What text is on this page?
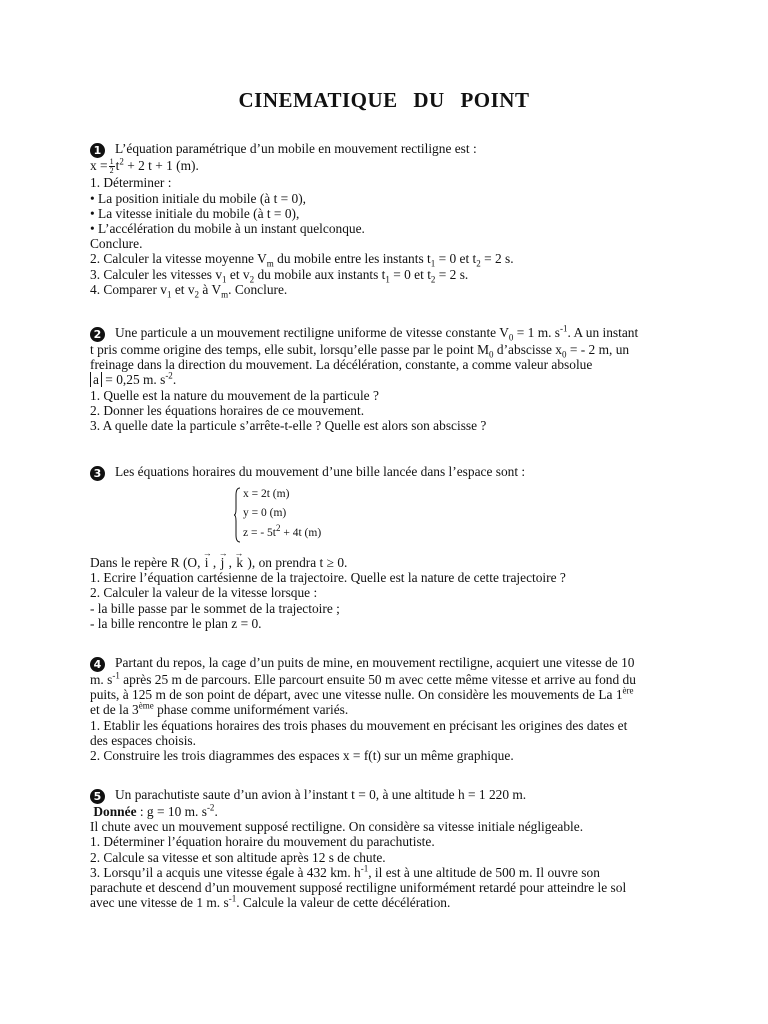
CINEMATIQUE DU POINT
1 L’équation paramétrique d’un mobile en mouvement rectiligne est :
$x = \frac{1}{2} t^2 + 2$ t + 1 (m).
1. Déterminer :
• La position initiale du mobile (à t = 0),
• La vitesse initiale du mobile (à t = 0),
• L’accélération du mobile à un instant quelconque.
Conclure.
2. Calculer la vitesse moyenne $V_m$ du mobile entre les instants $t_1 = 0$ et $t_2 = 2$ s.
3. Calculer les vitesses $v_1$ et $v_2$ du mobile aux instants $t_1 = 0$ et $t_2 = 2$ s.
4. Comparer $v_1$ et $v_2$ à $V_m$. Conclure.
2 Une particule a un mouvement rectiligne uniforme de vitesse constante $V_0 = 1$ m. $s^{-1}$. A un instant
t pris comme origine des temps, elle subit, lorsqu’elle passe par le point $M_0$ d’abscisse $x_0$ = - 2 m, un
freinage dans la direction du mouvement. La décélération, constante, a comme valeur absolue
a = 0,25 m. $s^{-2}$.
1. Quelle est la nature du mouvement de la particule ?
2. Donner les équations horaires de ce mouvement.
3. A quelle date la particule s’arrête-t-elle ? Quelle est alors son abscisse ?
3 Les équations horaires du mouvement d’une bille lancée dans l’espace sont :
x = 2t (m)
y = 0 (m)
z = - $5t^2 + 4t$ (m)
Dans le repère R (O, → i , → j , → k ), on prendra t ≥ 0.
1. Ecrire l’équation cartésienne de la trajectoire. Quelle est la nature de cette trajectoire ?
2. Calculer la valeur de la vitesse lorsque :
- la bille passe par le sommet de la trajectoire ;
- la bille rencontre le plan z = 0.
4 Partant du repos, la cage d’un puits de mine, en mouvement rectiligne, acquiert une vitesse de 10
m. $s^{-1}$ après 25 m de parcours. Elle parcourt ensuite 50 m avec cette même vitesse et arrive au fond du
puits, à 125 m de son point de départ, avec une vitesse nulle. On considère les mouvements de La 1ère
et de la 3ème phase comme uniformément variés.
1. Etablir les équations horaires des trois phases du mouvement en précisant les origines des dates et
des espaces choisis.
2. Construire les trois diagrammes des espaces x = f(t) sur un même graphique.
5 Un parachutiste saute d’un avion à l’instant t = 0, à une altitude h = 1 220 m.
Donnée : g = 10 m. $s^{-2}$.
Il chute avec un mouvement supposé rectiligne. On considère sa vitesse initiale négligeable.
1. Déterminer l’équation horaire du mouvement du parachutiste.
2. Calcule sa vitesse et son altitude après 12 s de chute.
3. Lorsqu’il a acquis une vitesse égale à 432 km. $h^{-1}$, il est à une altitude de 500 m. Il ouvre son
parachute et descend d’un mouvement supposé rectiligne uniformément retardé pour atteindre le sol
avec une vitesse de 1 m. $s^{-1}$. Calcule la valeur de cette décélération.
